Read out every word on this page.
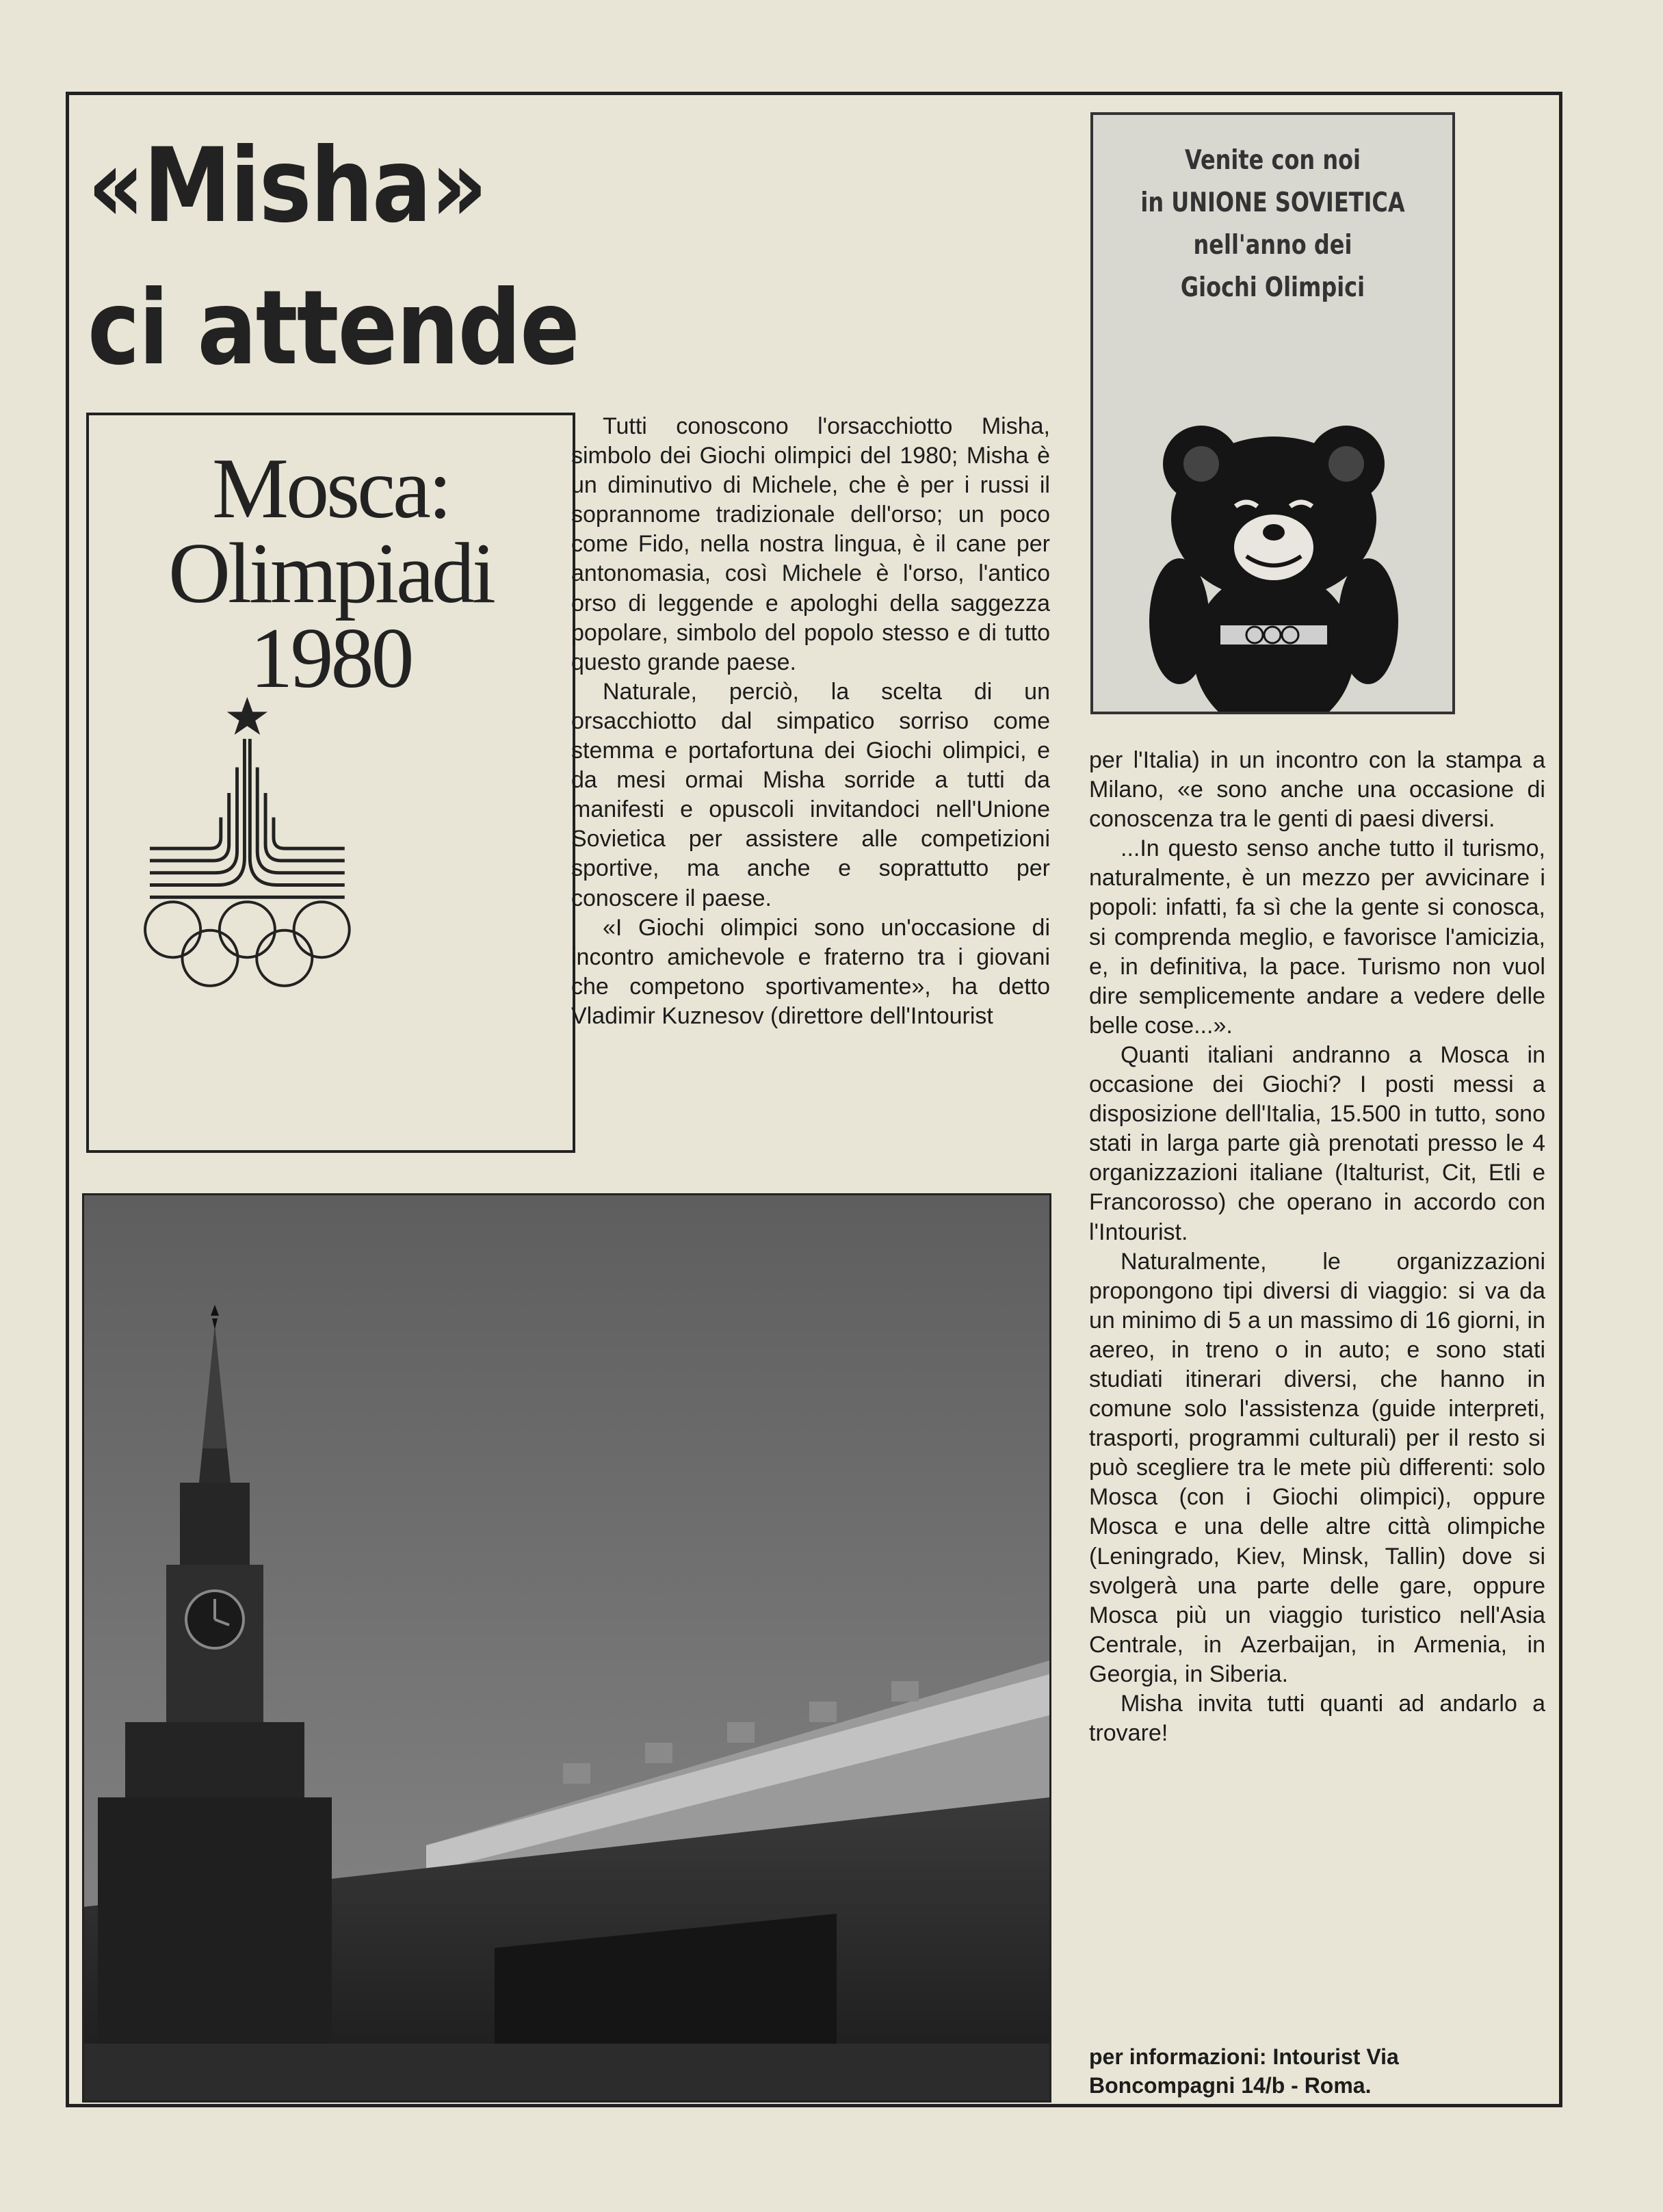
«Misha»
ci attende
Mosca:
Olimpiadi
1980
Venite con noi
in UNIONE SOVIETICA
nell'anno dei
Giochi Olimpici

Tutti conoscono l'orsacchiotto Misha, simbolo dei Giochi olimpici del 1980; Misha è un diminutivo di Michele, che è per i russi il soprannome tradizionale dell'orso; un poco come Fido, nella nostra lingua, è il cane per antonomasia, così Michele è l'orso, l'antico orso di leggende e apologhi della saggezza popolare, simbolo del popolo stesso e di tutto questo grande paese.

Naturale, perciò, la scelta di un orsacchiotto dal simpatico sorriso come stemma e portafortuna dei Giochi olimpici, e da mesi ormai Misha sorride a tutti da manifesti e opuscoli invitandoci nell'Unione Sovietica per assistere alle competizioni sportive, ma anche e soprattutto per conoscere il paese.

«I Giochi olimpici sono un'occasione di incontro amichevole e fraterno tra i giovani che competono sportivamente», ha detto Vladimir Kuznesov (direttore dell'Intourist

per l'Italia) in un incontro con la stampa a Milano, «e sono anche una occasione di conoscenza tra le genti di paesi diversi.

...In questo senso anche tutto il turismo, naturalmente, è un mezzo per avvicinare i popoli: infatti, fa sì che la gente si conosca, si comprenda meglio, e favorisce l'amicizia, e, in definitiva, la pace. Turismo non vuol dire semplicemente andare a vedere delle belle cose...».

Quanti italiani andranno a Mosca in occasione dei Giochi? I posti messi a disposizione dell'Italia, 15.500 in tutto, sono stati in larga parte già prenotati presso le 4 organizzazioni italiane (Italturist, Cit, Etli e Francorosso) che operano in accordo con l'Intourist.

Naturalmente, le organizzazioni propongono tipi diversi di viaggio: si va da un minimo di 5 a un massimo di 16 giorni, in aereo, in treno o in auto; e sono stati studiati itinerari diversi, che hanno in comune solo l'assistenza (guide interpreti, trasporti, programmi culturali) per il resto si può scegliere tra le mete più differenti: solo Mosca (con i Giochi olimpici), oppure Mosca e una delle altre città olimpiche (Leningrado, Kiev, Minsk, Tallin) dove si svolgerà una parte delle gare, oppure Mosca più un viaggio turistico nell'Asia Centrale, in Azerbaijan, in Armenia, in Georgia, in Siberia.

Misha invita tutti quanti ad andarlo a trovare!

per informazioni: Intourist Via Boncompagni 14/b - Roma.
